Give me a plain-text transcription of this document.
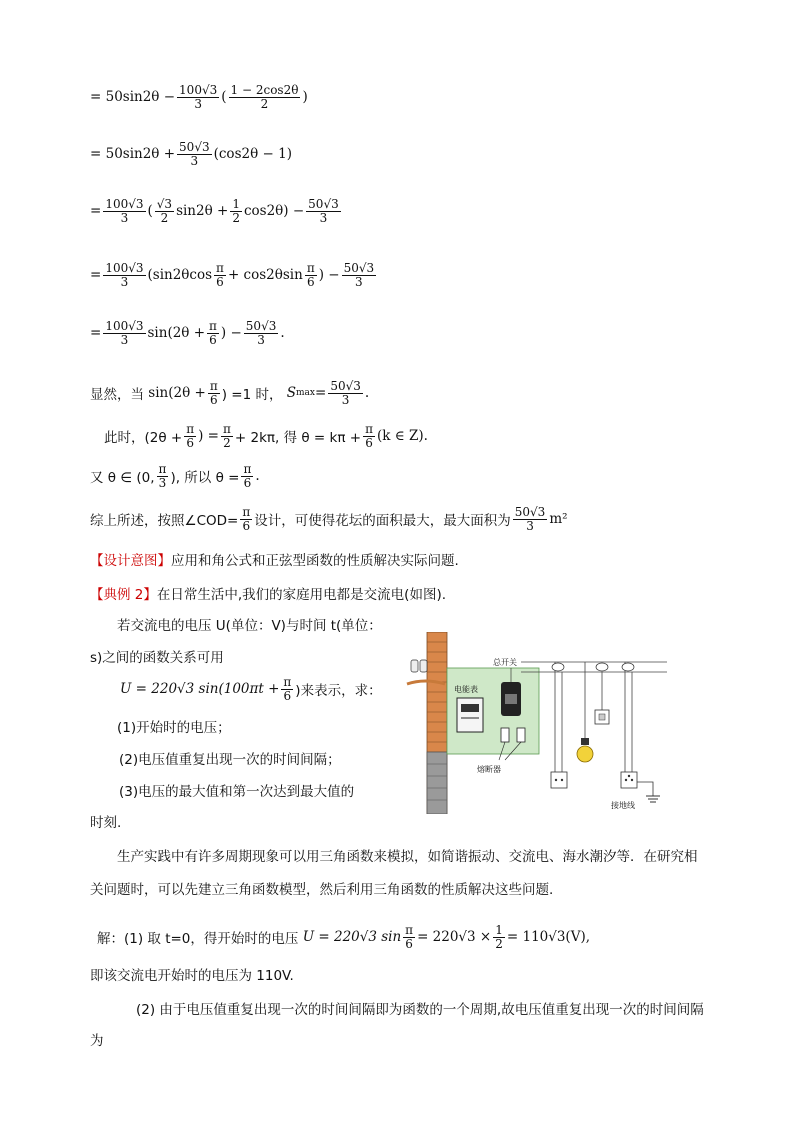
= $50\sin 2\theta - \frac{100√3}{3}$ ( $\frac{1 - 2\cos 2\theta}{2}$ )
= $50\sin 2\theta + \frac{50√3}{3} (\cos 2\theta - 1)$
= $\frac{100√3}{3}$ ( $\frac{√3}{2} \sin 2\theta + \frac{1}{2} \cos 2\theta) - \frac{50√3}{3}$
= $\frac{100√3}{3} (\sin 2\theta\cos \frac{\pi}{6} + \cos 2\theta\sin \frac{\pi}{6}$ ) − $\frac{50√3}{3}$
= $\frac{100√3}{3} \sin(2\theta + \frac{\pi}{6}$ ) − $\frac{50√3}{3}$ .
显然，当
$\sin(2\theta + \frac{\pi}{6}$ ) =1 时，
S $\max = \frac{50√3}{3}$ .
此时，($2\theta + \frac{\pi}{6}$ ) = $\frac{\pi}{2} + 2k\pi$, 得 $\theta = k\pi + \frac{\pi}{6} (k$ ∈ Z).
又 θ ∈ (0, $\frac{\pi}{3}$ ), 所以 $\theta = \frac{\pi}{6}$ .
综上所述，按照∠COD= $\frac{\pi}{6}$ 设计，可使得花坛的面积最大，最大面积为 $\frac{50√3}{3} m^2$
【设计意图】 应用和角公式和正弦型函数的性质解决实际问题.
【典例 2】 在日常生活中,我们的家庭用电都是交流电(如图).
若交流电的电压 U(单位：V)与时间 t(单位：
s)之间的函数关系可用
U = 220√3 $\sin(100\pi t + \frac{\pi}{6}$ )来表示，求：
(1)开始时的电压；
(2)电压值重复出现一次的时间间隔；
(3)电压的最大值和第一次达到最大值的
时刻.
电能表
总开关
熔断器
接地线
生产实践中有许多周期现象可以用三角函数来模拟，如简谐振动、交流电、海水潮汐等．在研究相关问题时，可以先建立三角函数模型，然后利用三角函数的性质解决这些问题.
解：(1) 取 t=0，得开始时的电压
U = 220√3 $\sin \frac{\pi}{6} = 220√3 \times \frac{1}{2} = 110√3(V)$,
即该交流电开始时的电压为 110V.
(2) 由于电压值重复出现一次的时间间隔即为函数的一个周期,故电压值重复出现一次的时间间隔为
